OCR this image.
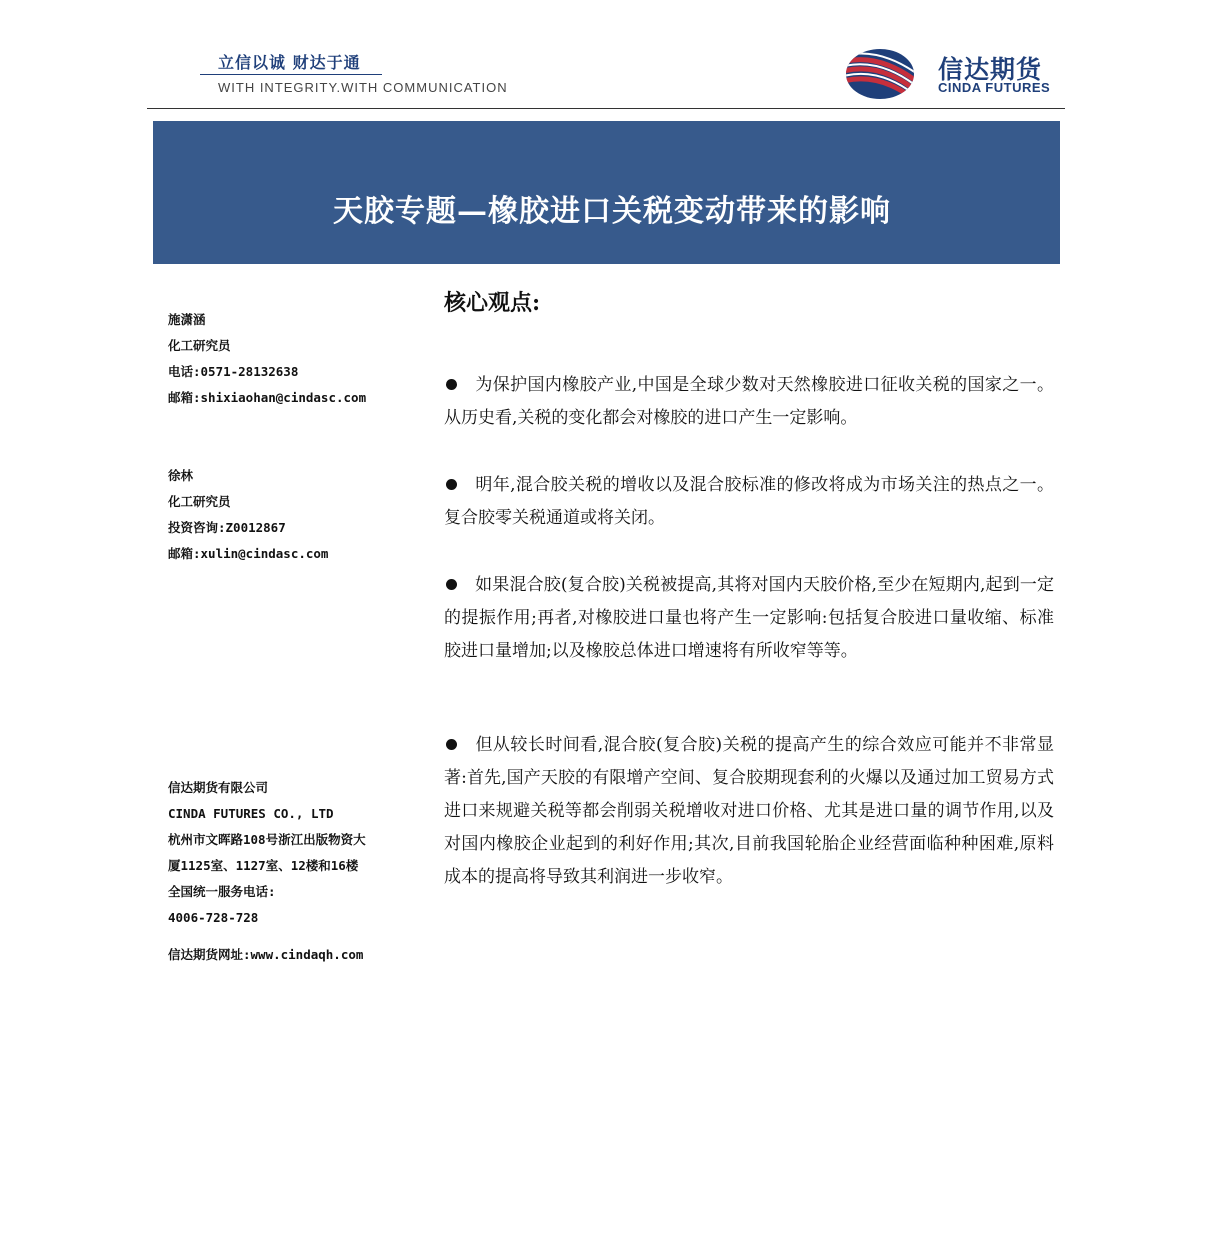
立信以诚 财达于通
WITH INTEGRITY.WITH COMMUNICATION
信达期货
CINDA FUTURES
天胶专题—橡胶进口关税变动带来的影响
施潇涵
化工研究员
电话:0571-28132638
邮箱:shixiaohan@cindasc.com
徐林
化工研究员
投资咨询:Z0012867
邮箱:xulin@cindasc.com
信达期货有限公司
CINDA FUTURES CO., LTD
杭州市文晖路108号浙江出版物资大
厦1125室、1127室、12楼和16楼
全国统一服务电话:
4006-728-728
信达期货网址:www.cindaqh.com
核心观点:
为保护国内橡胶产业,中国是全球少数对天然橡胶进口征收关税的国家之一。从历史看,关税的变化都会对橡胶的进口产生一定影响。
明年,混合胶关税的增收以及混合胶标准的修改将成为市场关注的热点之一。复合胶零关税通道或将关闭。
如果混合胶(复合胶)关税被提高,其将对国内天胶价格,至少在短期内,起到一定的提振作用;再者,对橡胶进口量也将产生一定影响:包括复合胶进口量收缩、标准胶进口量增加;以及橡胶总体进口增速将有所收窄等等。
但从较长时间看,混合胶(复合胶)关税的提高产生的综合效应可能并不非常显著:首先,国产天胶的有限增产空间、复合胶期现套利的火爆以及通过加工贸易方式进口来规避关税等都会削弱关税增收对进口价格、尤其是进口量的调节作用,以及对国内橡胶企业起到的利好作用;其次,目前我国轮胎企业经营面临种种困难,原料成本的提高将导致其利润进一步收窄。
